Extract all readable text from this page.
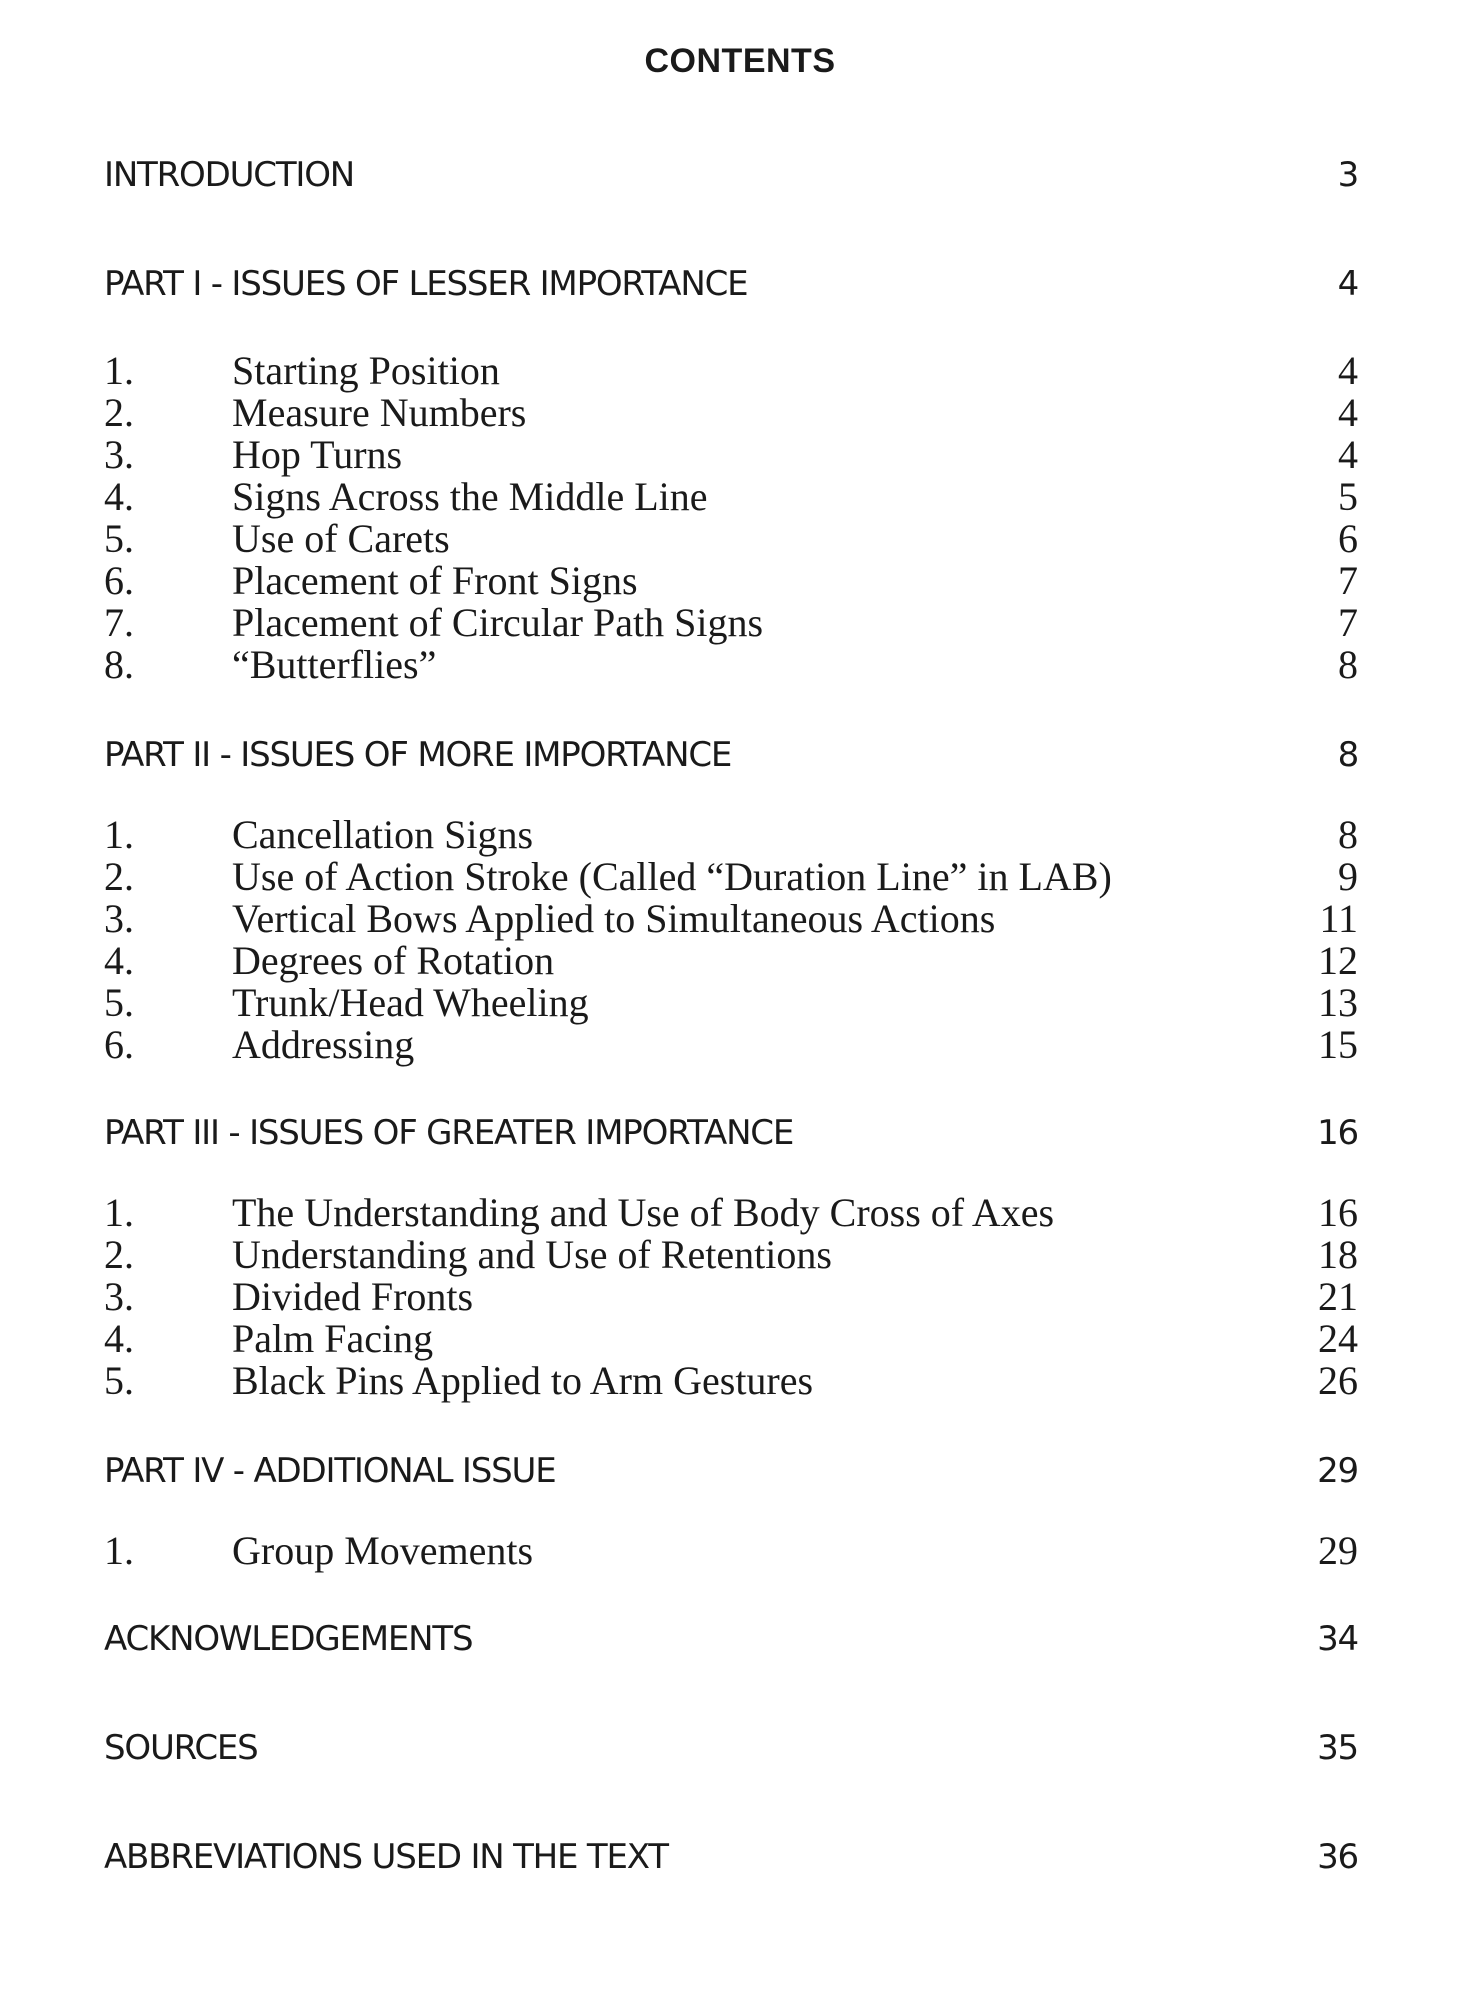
CONTENTS
INTRODUCTION	3
PART I - ISSUES OF LESSER IMPORTANCE	4
1.	Starting Position	4
2.	Measure Numbers	4
3.	Hop Turns	4
4.	Signs Across the Middle Line	5
5.	Use of Carets	6
6.	Placement of Front Signs	7
7.	Placement of Circular Path Signs	7
8.	“Butterflies”	8
PART II - ISSUES OF MORE IMPORTANCE	8
1.	Cancellation Signs	8
2.	Use of Action Stroke (Called “Duration Line” in LAB)	9
3.	Vertical Bows Applied to Simultaneous Actions	11
4.	Degrees of Rotation	12
5.	Trunk/Head Wheeling	13
6.	Addressing	15
PART III - ISSUES OF GREATER IMPORTANCE	16
1.	The Understanding and Use of Body Cross of Axes	16
2.	Understanding and Use of Retentions	18
3.	Divided Fronts	21
4.	Palm Facing	24
5.	Black Pins Applied to Arm Gestures	26
PART IV - ADDITIONAL ISSUE	29
1.	Group Movements	29
ACKNOWLEDGEMENTS	34
SOURCES	35
ABBREVIATIONS USED IN THE TEXT	36
